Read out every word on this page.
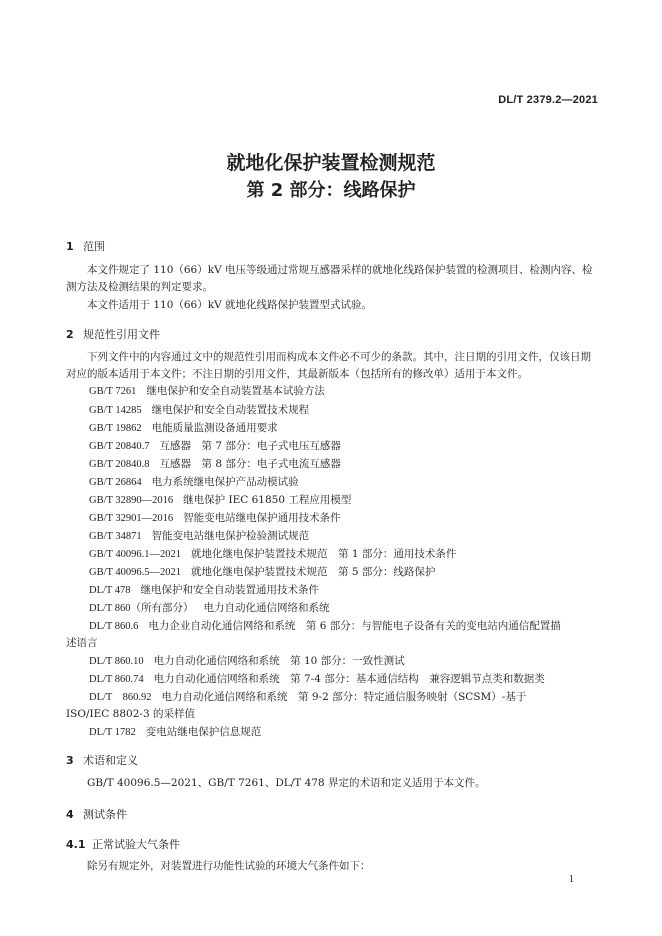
DL/T 2379.2—2021
就地化保护装置检测规范
第 2 部分：线路保护
1 范围
本文件规定了 110（66）kV 电压等级通过常规互感器采样的就地化线路保护装置的检测项目、检测内容、检测方法及检测结果的判定要求。
本文件适用于 110（66）kV 就地化线路保护装置型式试验。
2 规范性引用文件
下列文件中的内容通过文中的规范性引用而构成本文件必不可少的条款。其中，注日期的引用文件，仅该日期对应的版本适用于本文件；不注日期的引用文件，其最新版本（包括所有的修改单）适用于本文件。
GB/T 7261 继电保护和安全自动装置基本试验方法
GB/T 14285 继电保护和安全自动装置技术规程
GB/T 19862 电能质量监测设备通用要求
GB/T 20840.7 互感器　第 7 部分：电子式电压互感器
GB/T 20840.8 互感器　第 8 部分：电子式电流互感器
GB/T 26864 电力系统继电保护产品动模试验
GB/T 32890—2016 继电保护 IEC 61850 工程应用模型
GB/T 32901—2016 智能变电站继电保护通用技术条件
GB/T 34871 智能变电站继电保护检验测试规范
GB/T 40096.1—2021 就地化继电保护装置技术规范　第 1 部分：通用技术条件
GB/T 40096.5—2021 就地化继电保护装置技术规范　第 5 部分：线路保护
DL/T 478 继电保护和安全自动装置通用技术条件
DL/T 860（所有部分） 电力自动化通信网络和系统
DL/T 860.6 电力企业自动化通信网络和系统　第 6 部分：与智能电子设备有关的变电站内通信配置描述语言
DL/T 860.10 电力自动化通信网络和系统　第 10 部分：一致性测试
DL/T 860.74 电力自动化通信网络和系统　第 7-4 部分：基本通信结构　兼容逻辑节点类和数据类
DL/T　860.92 电力自动化通信网络和系统　第 9-2 部分：特定通信服务映射（SCSM）-基于 ISO/IEC 8802-3 的采样值
DL/T 1782 变电站继电保护信息规范
3 术语和定义
GB/T 40096.5—2021、GB/T 7261、DL/T 478 界定的术语和定义适用于本文件。
4 测试条件
4.1 正常试验大气条件
除另有规定外，对装置进行功能性试验的环境大气条件如下：
1
